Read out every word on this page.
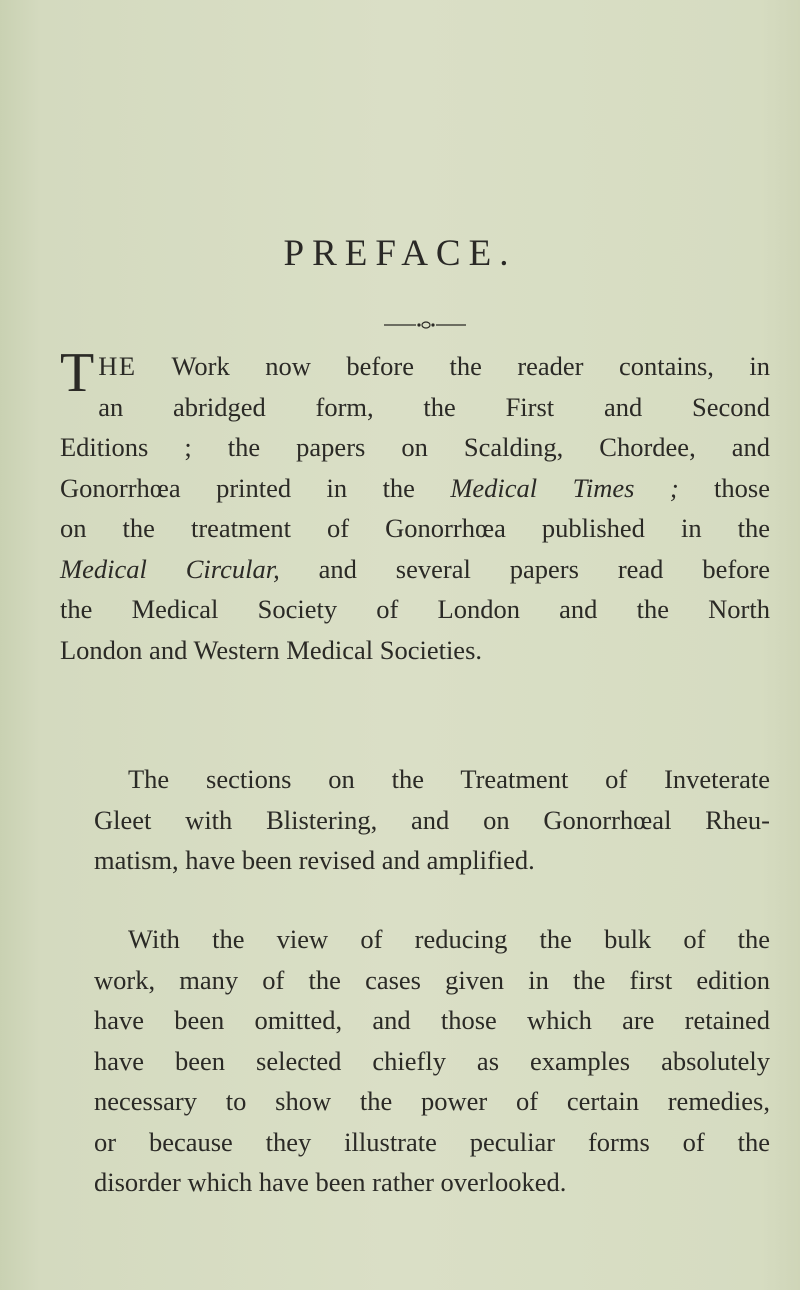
PREFACE.
T HE Work now before the reader contains, in
an abridged form, the First and Second
Editions ; the papers on Scalding, Chordee, and
Gonorrhœa printed in the Medical Times ; those
on the treatment of Gonorrhœa published in the
Medical Circular, and several papers read before
the Medical Society of London and the North
London and Western Medical Societies.
The sections on the Treatment of Inveterate
Gleet with Blistering, and on Gonorrhœal Rheu-
matism, have been revised and amplified.
With the view of reducing the bulk of the
work, many of the cases given in the first edition
have been omitted, and those which are retained
have been selected chiefly as examples absolutely
necessary to show the power of certain remedies,
or because they illustrate peculiar forms of the
disorder which have been rather overlooked.
